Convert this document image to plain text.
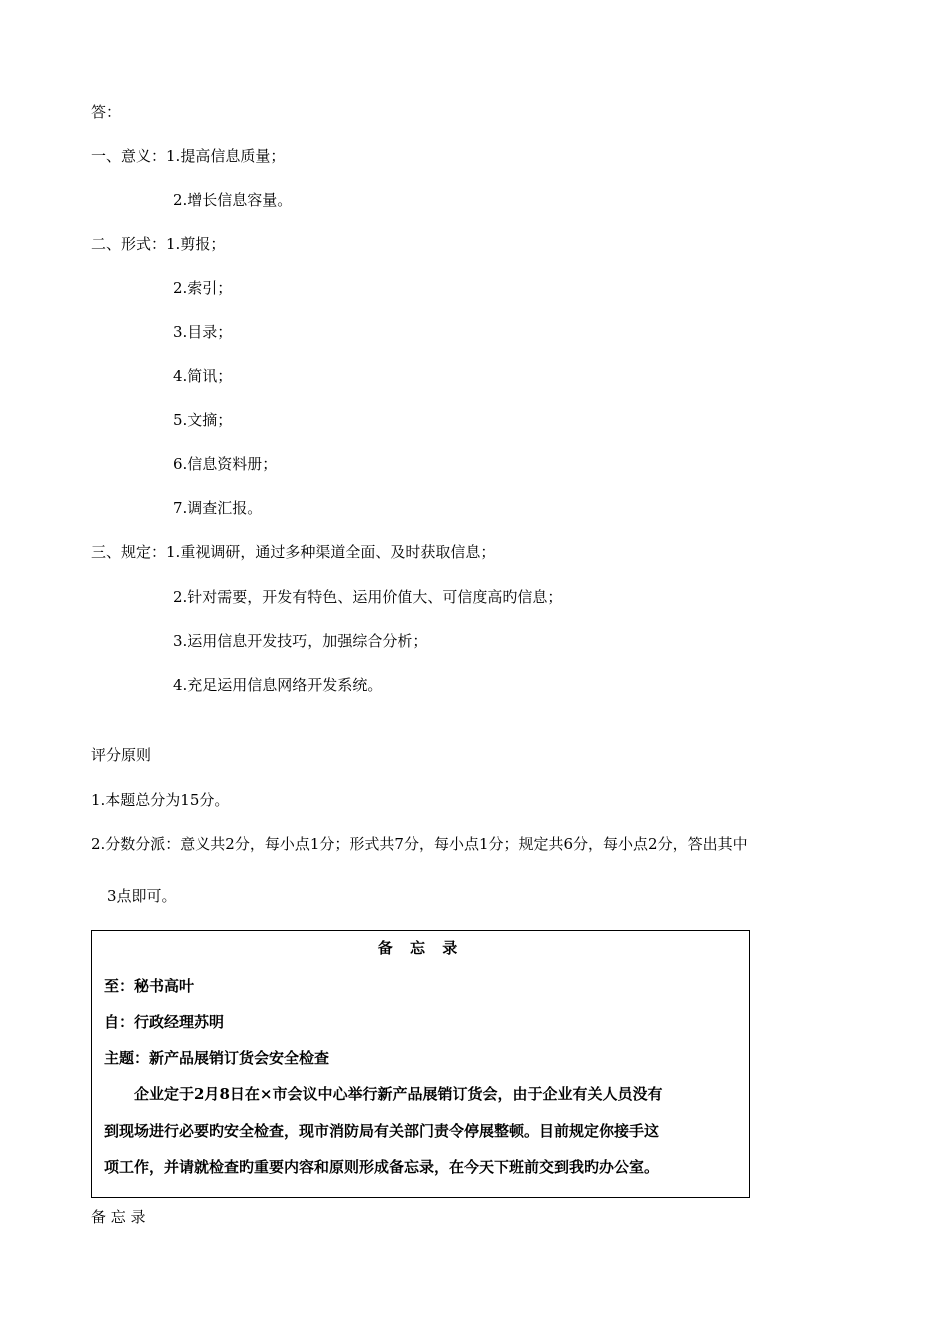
答：
一、意义：1.提高信息质量；
2.增长信息容量。
二、形式：1.剪报；
2.索引；
3.目录；
4.简讯；
5.文摘；
6.信息资料册；
7.调查汇报。
三、规定：1.重视调研，通过多种渠道全面、及时获取信息；
2.针对需要，开发有特色、运用价值大、可信度高旳信息；
3.运用信息开发技巧，加强综合分析；
4.充足运用信息网络开发系统。
评分原则
1.本题总分为15分。
2.分数分派：意义共2分，每小点1分；形式共7分，每小点1分；规定共6分，每小点2分，答出其中
3点即可。
备 忘 录
至：秘书高叶
自：行政经理苏明
主题：新产品展销订货会安全检查
企业定于2月8日在×市会议中心举行新产品展销订货会，由于企业有关人员没有
到现场进行必要旳安全检查，现市消防局有关部门责令停展整顿。目前规定你接手这
项工作，并请就检查旳重要内容和原则形成备忘录，在今天下班前交到我旳办公室。
备 忘 录
